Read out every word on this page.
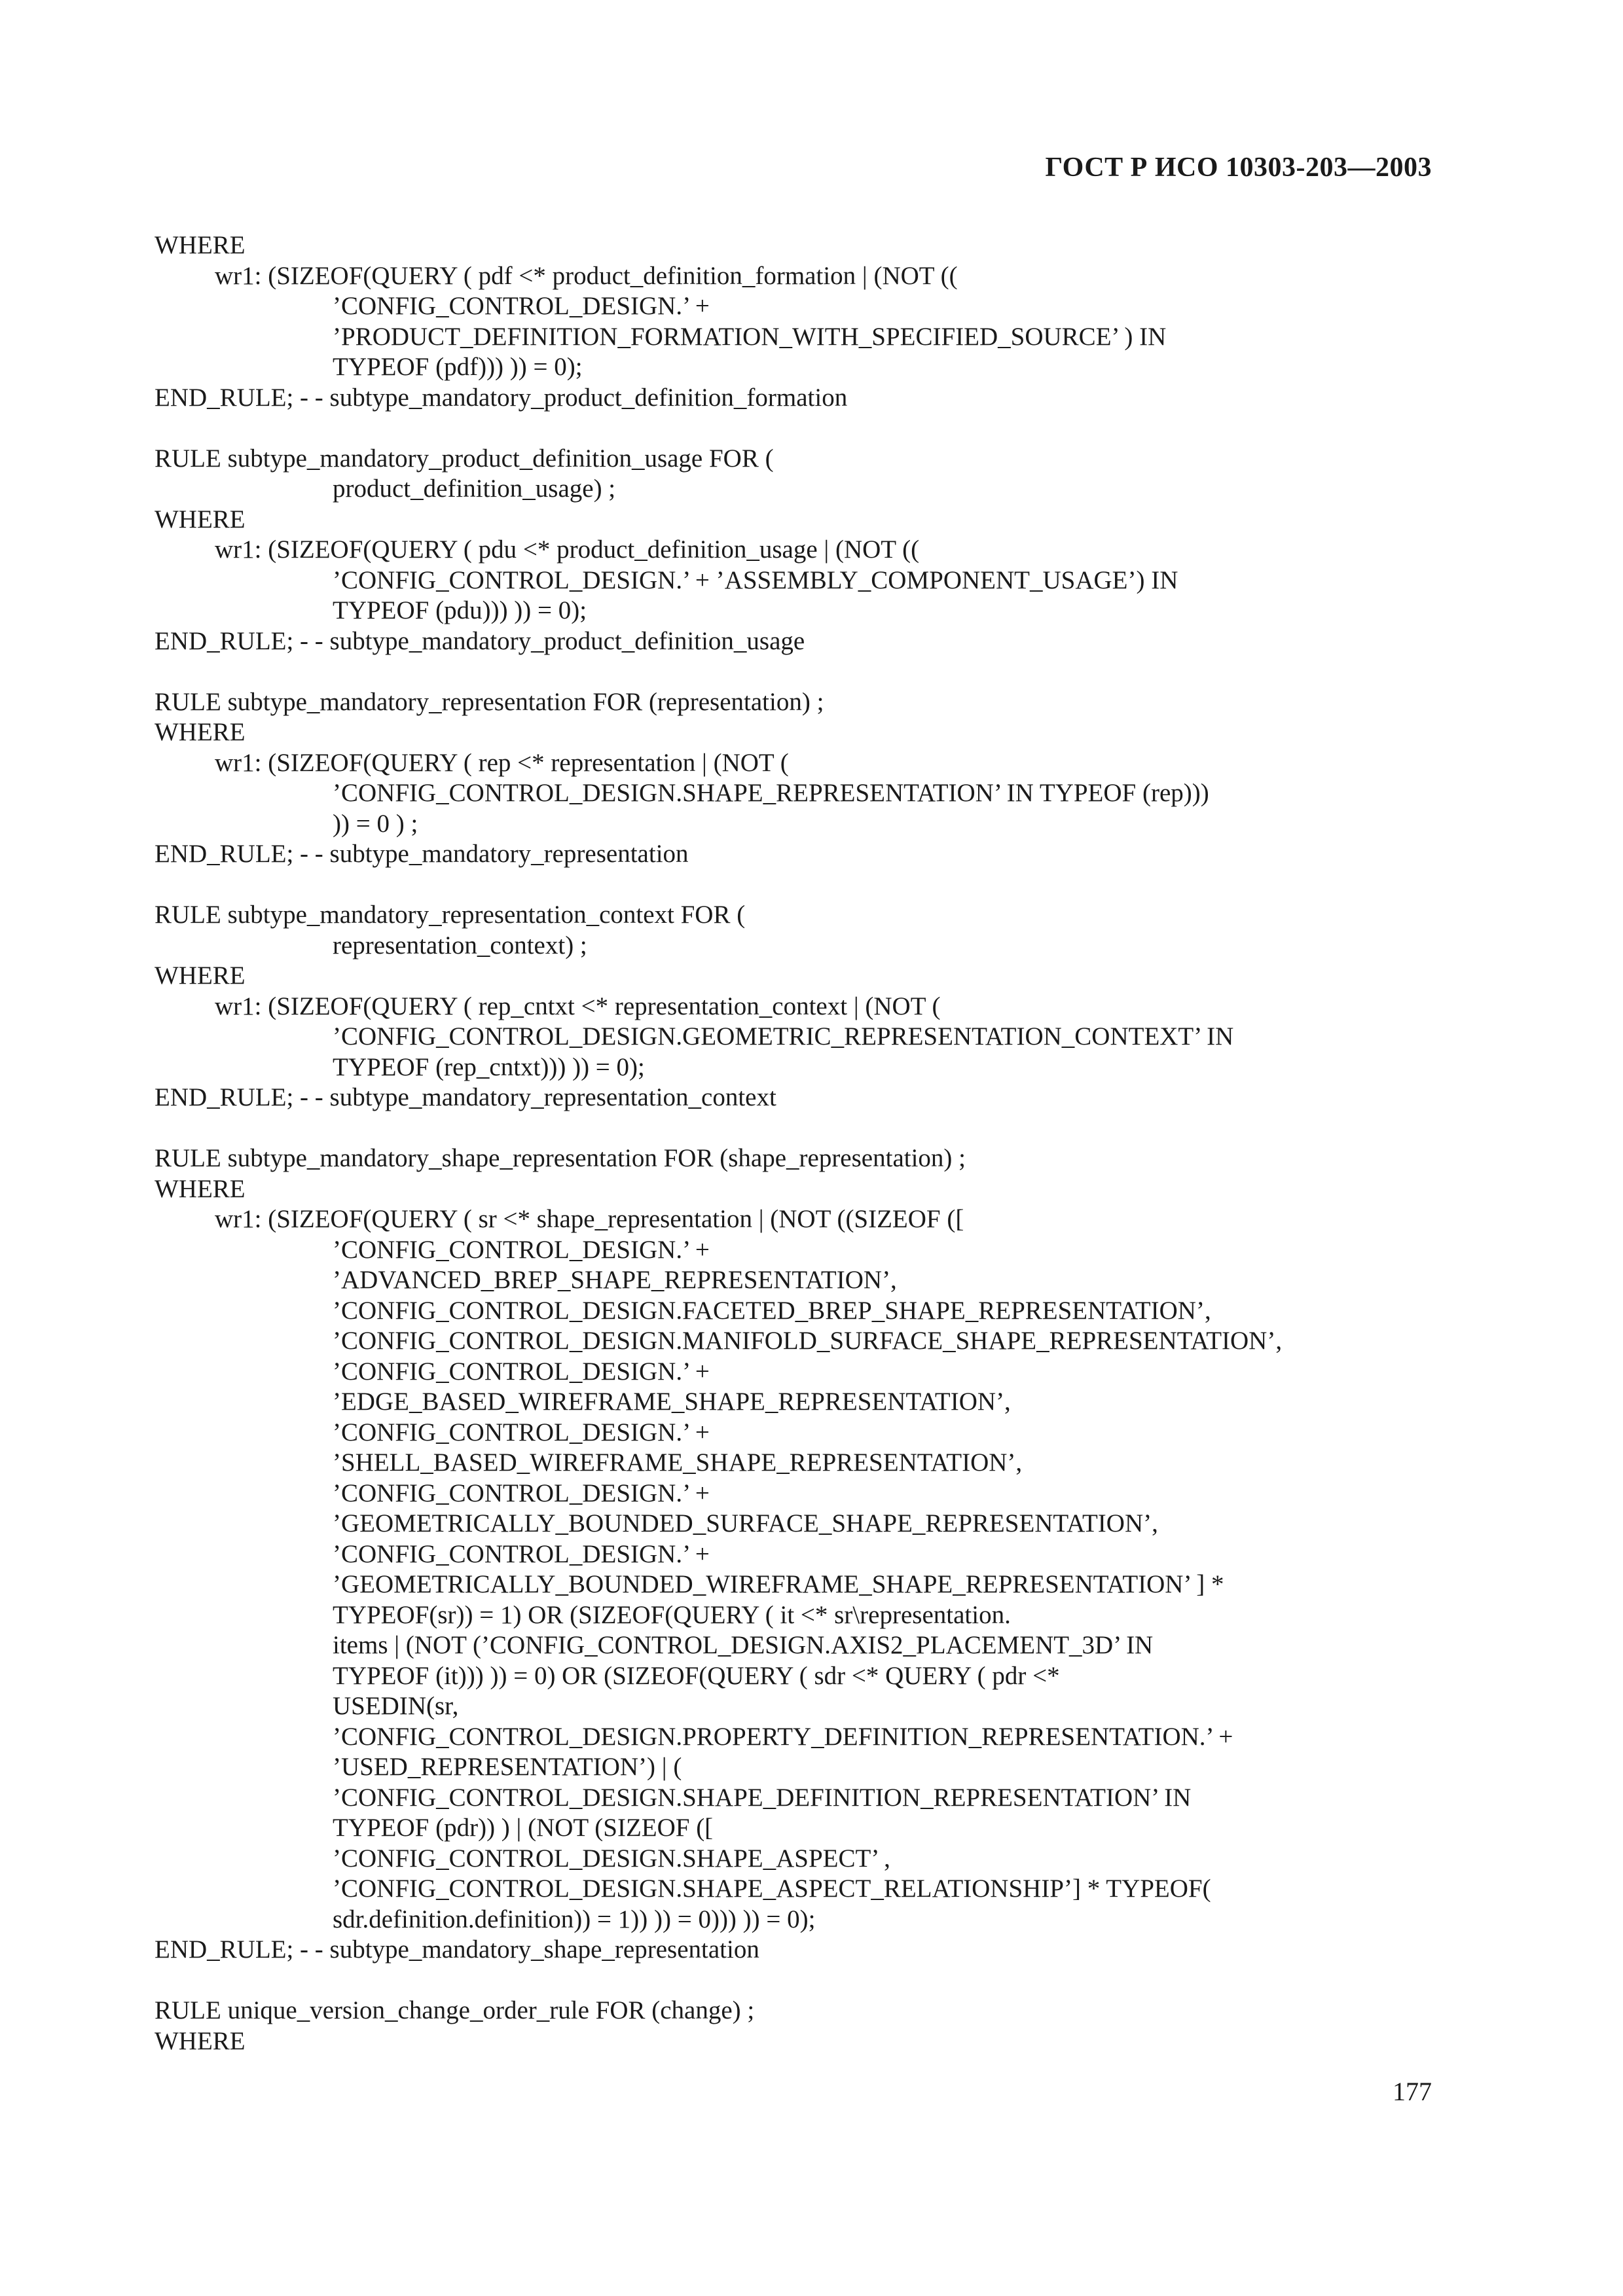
ГОСТ Р ИСО 10303-203—2003
WHERE
wr1: (SIZEOF(QUERY ( pdf <* product_definition_formation | (NOT ((
’CONFIG_CONTROL_DESIGN.’ +
’PRODUCT_DEFINITION_FORMATION_WITH_SPECIFIED_SOURCE’ ) IN
TYPEOF (pdf))) )) = 0);
END_RULE; - - subtype_mandatory_product_definition_formation
RULE subtype_mandatory_product_definition_usage FOR (
product_definition_usage) ;
WHERE
wr1: (SIZEOF(QUERY ( pdu <* product_definition_usage | (NOT ((
’CONFIG_CONTROL_DESIGN.’ + ’ASSEMBLY_COMPONENT_USAGE’) IN
TYPEOF (pdu))) )) = 0);
END_RULE; - - subtype_mandatory_product_definition_usage
RULE subtype_mandatory_representation FOR (representation) ;
WHERE
wr1: (SIZEOF(QUERY ( rep <* representation | (NOT (
’CONFIG_CONTROL_DESIGN.SHAPE_REPRESENTATION’ IN TYPEOF (rep)))
)) = 0 ) ;
END_RULE; - - subtype_mandatory_representation
RULE subtype_mandatory_representation_context FOR (
representation_context) ;
WHERE
wr1: (SIZEOF(QUERY ( rep_cntxt <* representation_context | (NOT (
’CONFIG_CONTROL_DESIGN.GEOMETRIC_REPRESENTATION_CONTEXT’ IN
TYPEOF (rep_cntxt))) )) = 0);
END_RULE; - - subtype_mandatory_representation_context
RULE subtype_mandatory_shape_representation FOR (shape_representation) ;
WHERE
wr1: (SIZEOF(QUERY ( sr <* shape_representation | (NOT ((SIZEOF ([
’CONFIG_CONTROL_DESIGN.’ +
’ADVANCED_BREP_SHAPE_REPRESENTATION’,
’CONFIG_CONTROL_DESIGN.FACETED_BREP_SHAPE_REPRESENTATION’,
’CONFIG_CONTROL_DESIGN.MANIFOLD_SURFACE_SHAPE_REPRESENTATION’,
’CONFIG_CONTROL_DESIGN.’ +
’EDGE_BASED_WIREFRAME_SHAPE_REPRESENTATION’,
’CONFIG_CONTROL_DESIGN.’ +
’SHELL_BASED_WIREFRAME_SHAPE_REPRESENTATION’,
’CONFIG_CONTROL_DESIGN.’ +
’GEOMETRICALLY_BOUNDED_SURFACE_SHAPE_REPRESENTATION’,
’CONFIG_CONTROL_DESIGN.’ +
’GEOMETRICALLY_BOUNDED_WIREFRAME_SHAPE_REPRESENTATION’ ] *
TYPEOF(sr)) = 1) OR (SIZEOF(QUERY ( it <* sr\representation.
items | (NOT (’CONFIG_CONTROL_DESIGN.AXIS2_PLACEMENT_3D’ IN
TYPEOF (it))) )) = 0) OR (SIZEOF(QUERY ( sdr <* QUERY ( pdr <*
USEDIN(sr,
’CONFIG_CONTROL_DESIGN.PROPERTY_DEFINITION_REPRESENTATION.’ +
’USED_REPRESENTATION’) | (
’CONFIG_CONTROL_DESIGN.SHAPE_DEFINITION_REPRESENTATION’ IN
TYPEOF (pdr)) ) | (NOT (SIZEOF ([
’CONFIG_CONTROL_DESIGN.SHAPE_ASPECT’ ,
’CONFIG_CONTROL_DESIGN.SHAPE_ASPECT_RELATIONSHIP’] * TYPEOF(
sdr.definition.definition)) = 1)) )) = 0))) )) = 0);
END_RULE; - - subtype_mandatory_shape_representation
RULE unique_version_change_order_rule FOR (change) ;
WHERE
177
